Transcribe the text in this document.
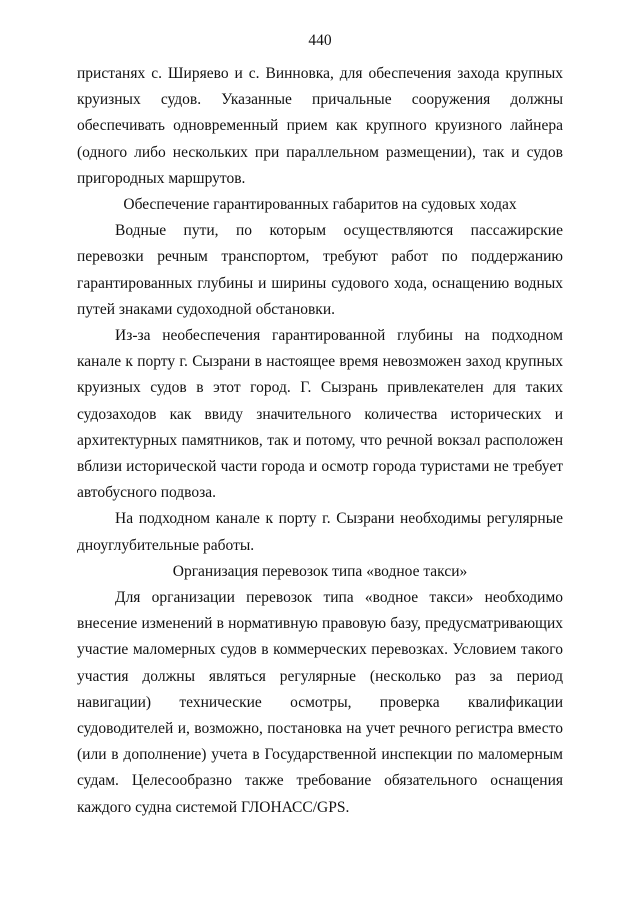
440

пристанях с. Ширяево и с. Винновка, для обеспечения захода крупных круизных судов. Указанные причальные сооружения должны обеспечивать одновременный прием как крупного круизного лайнера (одного либо нескольких при параллельном размещении), так и судов пригородных маршрутов.

Обеспечение гарантированных габаритов на судовых ходах

Водные пути, по которым осуществляются пассажирские перевозки речным транспортом, требуют работ по поддержанию гарантированных глубины и ширины судового хода, оснащению водных путей знаками судоходной обстановки.

Из-за необеспечения гарантированной глубины на подходном канале к порту г. Сызрани в настоящее время невозможен заход крупных круизных судов в этот город. Г. Сызрань привлекателен для таких судозаходов как ввиду значительного количества исторических и архитектурных памятников, так и потому, что речной вокзал расположен вблизи исторической части города и осмотр города туристами не требует автобусного подвоза.

На подходном канале к порту г. Сызрани необходимы регулярные дноуглубительные работы.

Организация перевозок типа «водное такси»

Для организации перевозок типа «водное такси» необходимо внесение изменений в нормативную правовую базу, предусматривающих участие маломерных судов в коммерческих перевозках. Условием такого участия должны являться регулярные (несколько раз за период навигации) технические осмотры, проверка квалификации судоводителей и, возможно, постановка на учет речного регистра вместо (или в дополнение) учета в Государственной инспекции по маломерным судам. Целесообразно также требование обязательного оснащения каждого судна системой ГЛОНАСС/GPS.
